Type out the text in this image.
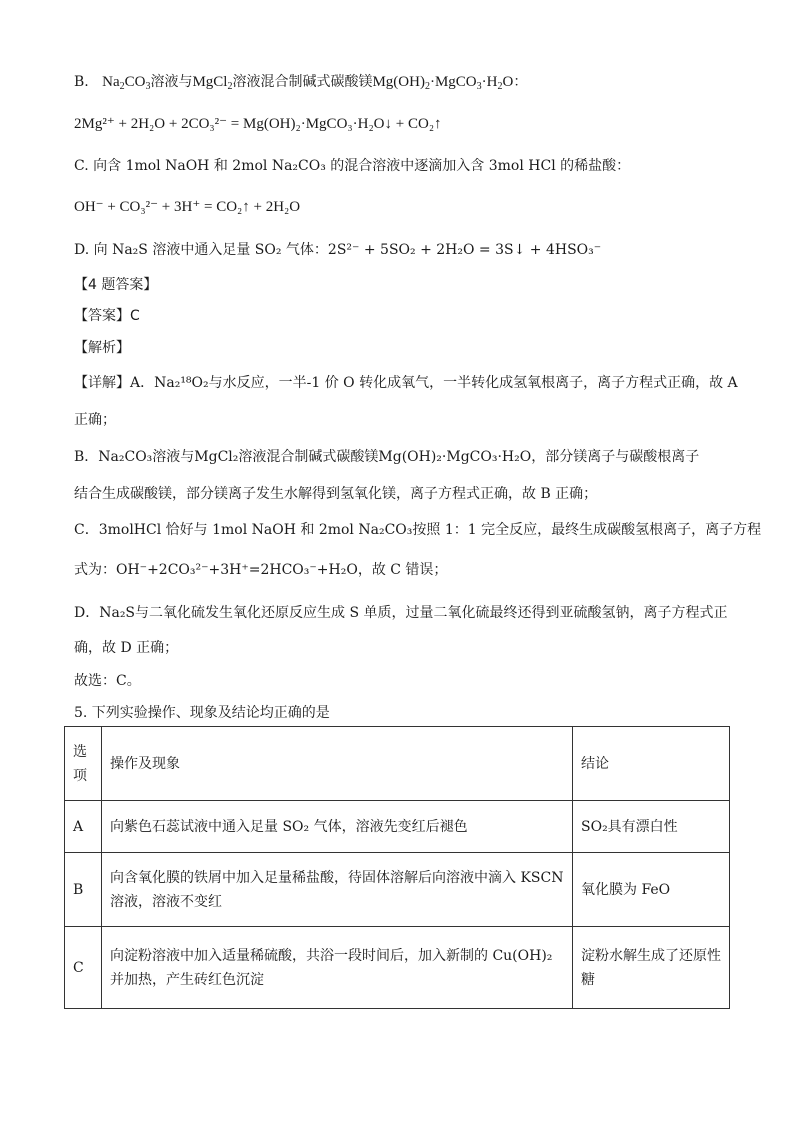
B. $Na_2CO_3$溶液与MgCl$_2$溶液混合制碱式碳酸镁$Mg(OH)_2\cdot MgCO_3\cdot H_2O$：
2Mg²⁺ + 2H₂O + 2CO₃²⁻ = Mg(OH)₂·MgCO₃·H₂O↓ + CO₂↑
C. 向含 1mol NaOH 和 2mol Na₂CO₃ 的混合溶液中逐滴加入含 3mol HCl 的稀盐酸：
OH⁻ + CO₃²⁻ + 3H⁺ = CO₂↑ + 2H₂O
D. 向 Na₂S 溶液中通入足量 SO₂ 气体：2S²⁻ + 5SO₂ + 2H₂O = 3S↓ + 4HSO₃⁻
【4 题答案】
【答案】C
【解析】
【详解】A．Na₂¹⁸O₂与水反应，一半-1 价 O 转化成氧气，一半转化成氢氧根离子，离子方程式正确，故 A
正确；
B．Na₂CO₃溶液与MgCl₂溶液混合制碱式碳酸镁Mg(OH)₂·MgCO₃·H₂O，部分镁离子与碳酸根离子
结合生成碳酸镁，部分镁离子发生水解得到氢氧化镁，离子方程式正确，故 B 正确；
C．3molHCl 恰好与 1mol NaOH 和 2mol Na₂CO₃按照 1：1 完全反应，最终生成碳酸氢根离子，离子方程
式为：OH⁻+2CO₃²⁻+3H⁺=2HCO₃⁻+H₂O，故 C 错误；
D．Na₂S与二氧化硫发生氧化还原反应生成 S 单质，过量二氧化硫最终还得到亚硫酸氢钠，离子方程式正
确，故 D 正确；
故选：C。
5. 下列实验操作、现象及结论均正确的是
选项	操作及现象	结论
A	向紫色石蕊试液中通入足量 SO₂ 气体，溶液先变红后褪色	SO₂具有漂白性
B	向含氧化膜的铁屑中加入足量稀盐酸，待固体溶解后向溶液中滴入 KSCN 溶液，溶液不变红	氧化膜为 FeO
C	向淀粉溶液中加入适量稀硫酸，共浴一段时间后，加入新制的 Cu(OH)₂并加热，产生砖红色沉淀	淀粉水解生成了还原性糖
